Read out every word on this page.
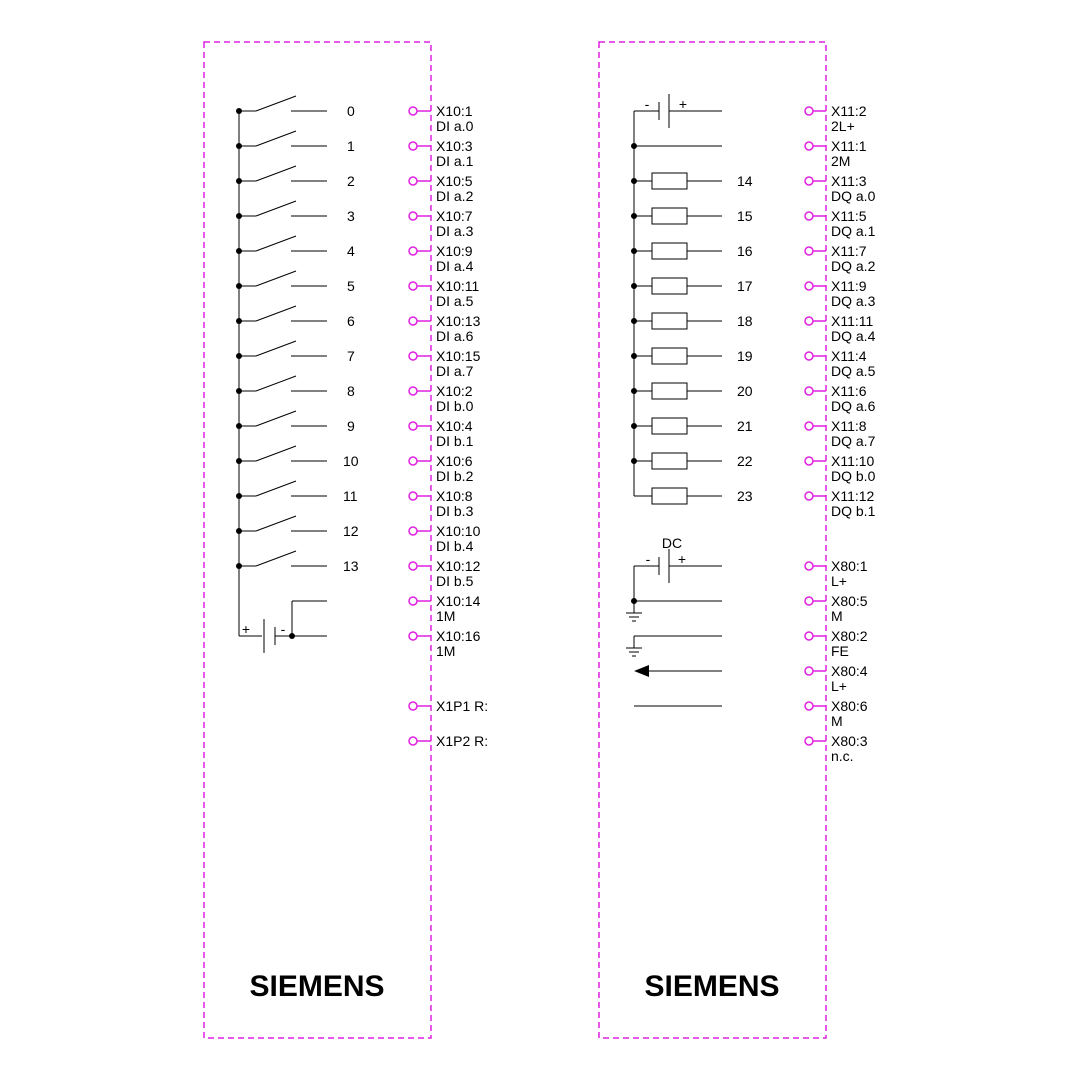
0	X10:1
DI a.0
1	X10:3
DI a.1
2	X10:5
DI a.2
3	X10:7
DI a.3
4	X10:9
DI a.4
5	X10:11
DI a.5
6	X10:13
DI a.6
7	X10:15
DI a.7
8	X10:2
DI b.0
9	X10:4
DI b.1
10	X10:6
DI b.2
11	X10:8
DI b.3
12	X10:10
DI b.4
13	X10:12
DI b.5
+ -
X10:14
1M
X10:16
1M
X1P1 R:
X1P2 R:
SIEMENS
- +	X11:2
2L+
X11:1
2M
14	X11:3
DQ a.0
15	X11:5
DQ a.1
16	X11:7
DQ a.2
17	X11:9
DQ a.3
18	X11:11
DQ a.4
19	X11:4
DQ a.5
20	X11:6
DQ a.6
21	X11:8
DQ a.7
22	X11:10
DQ b.0
23	X11:12
DQ b.1
DC
- +	X80:1
L+
X80:5
M
X80:2
FE
X80:4
L+
X80:6
M
X80:3
n.c.
SIEMENS
